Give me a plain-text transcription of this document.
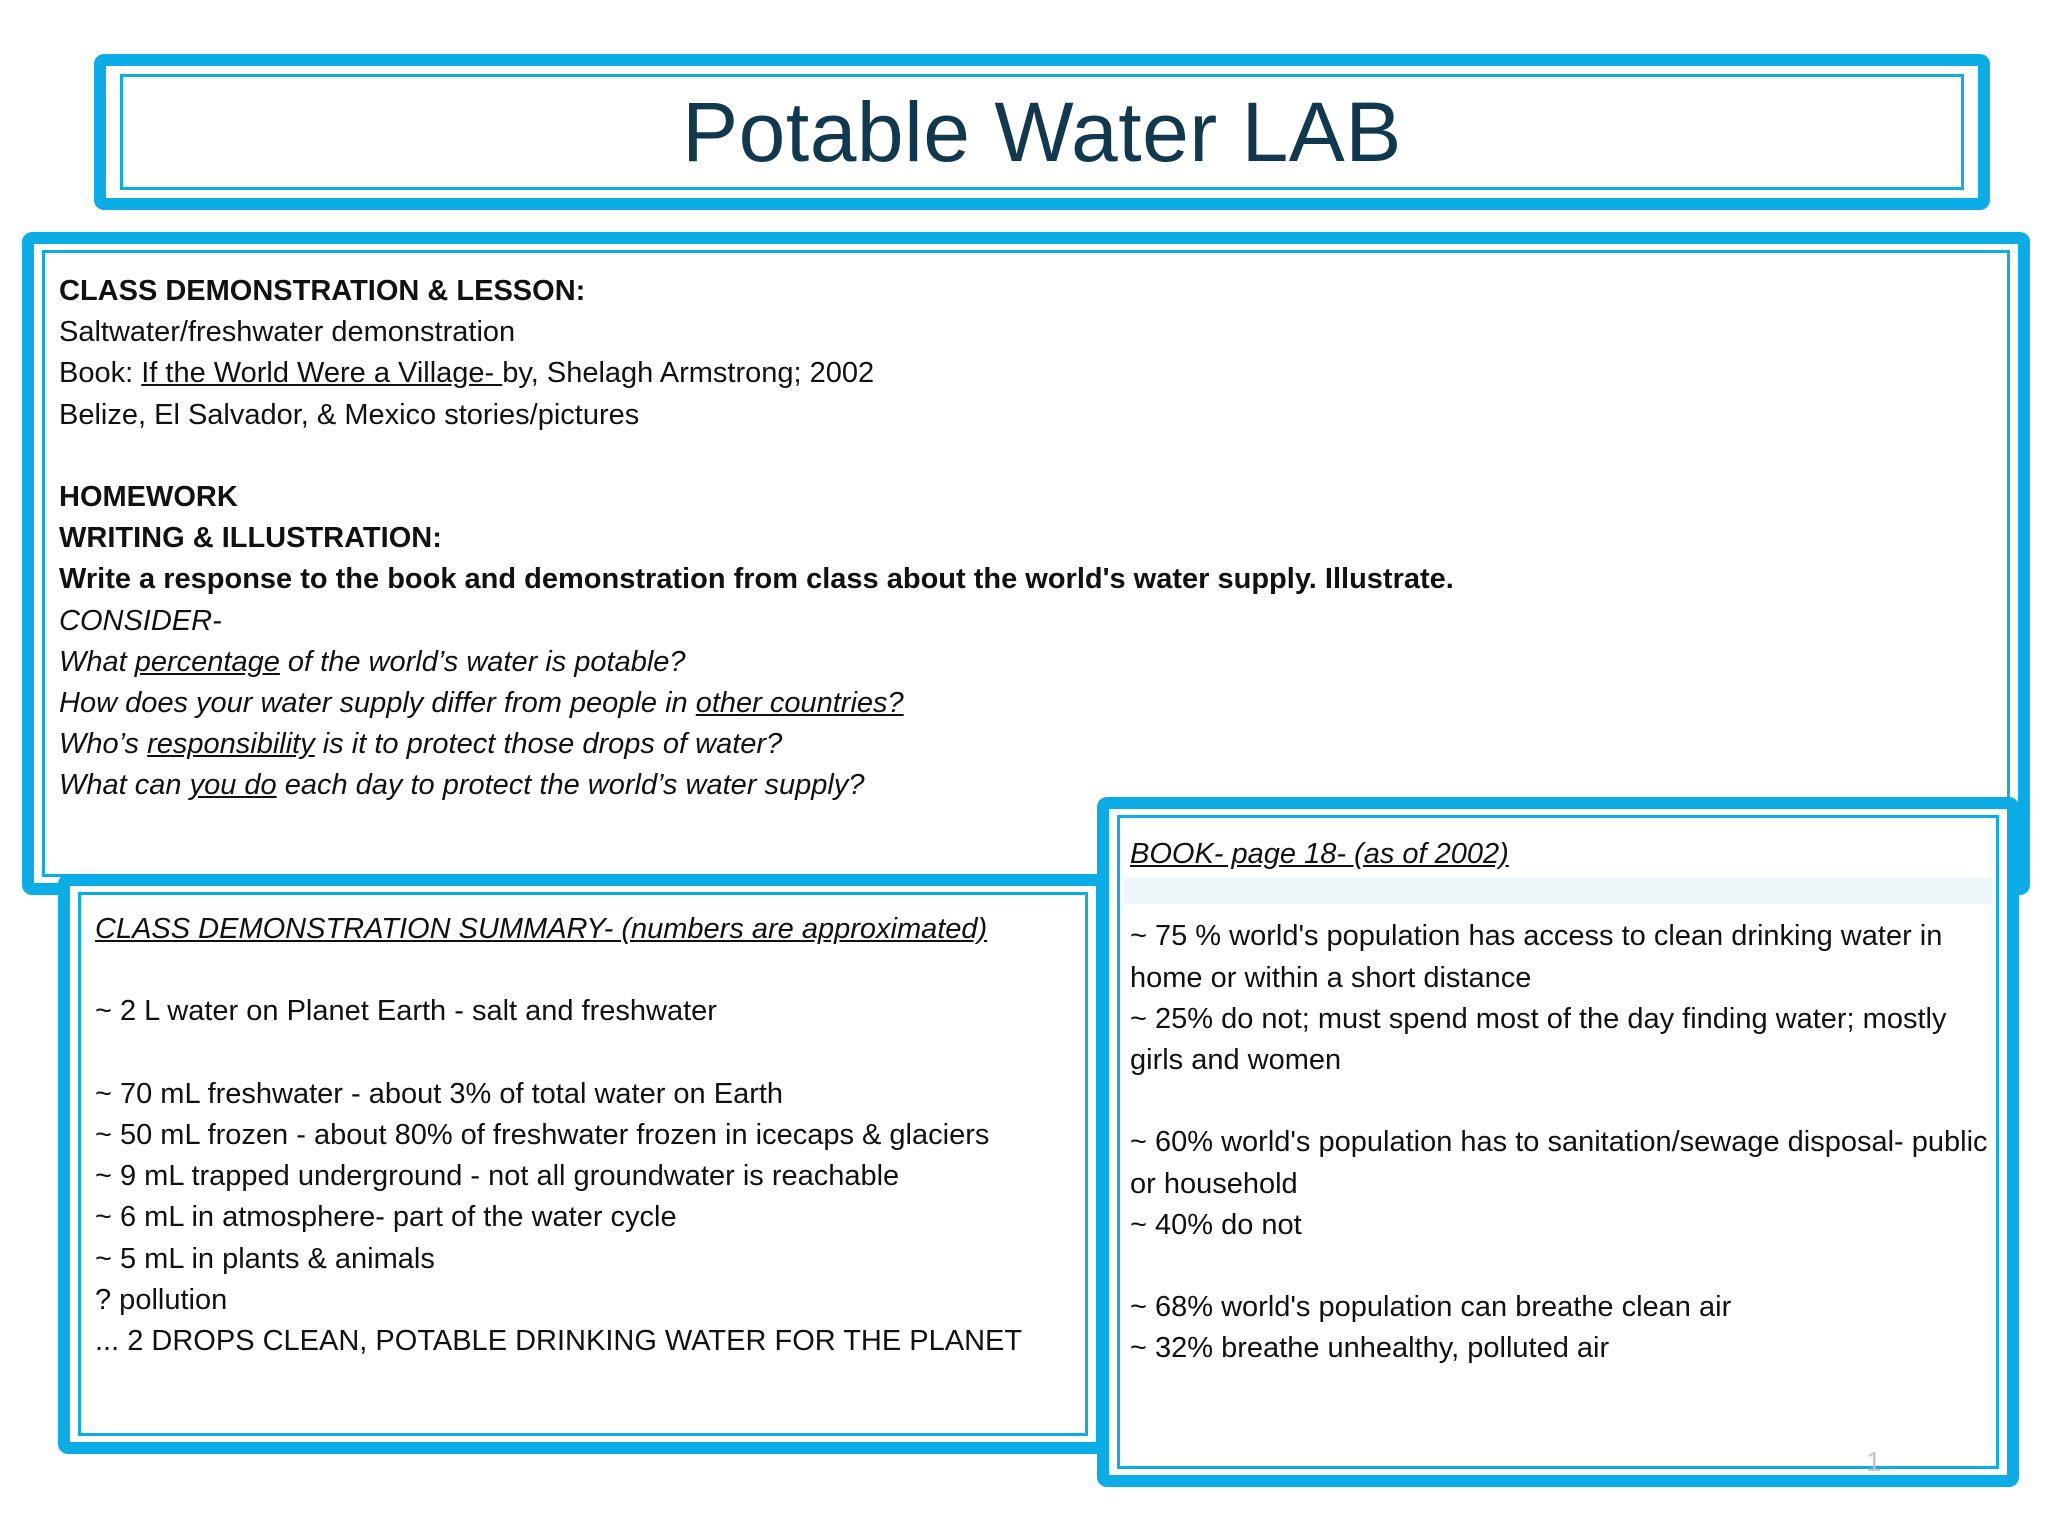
Potable Water LAB
CLASS DEMONSTRATION & LESSON:
Saltwater/freshwater demonstration
Book: If the World Were a Village- by, Shelagh Armstrong; 2002
Belize, El Salvador, & Mexico stories/pictures
HOMEWORK
WRITING & ILLUSTRATION:
Write a response to the book and demonstration from class about the world's water supply. Illustrate.
CONSIDER-
What percentage of the world’s water is potable?
How does your water supply differ from people in other countries?
Who’s responsibility is it to protect those drops of water?
What can you do each day to protect the world’s water supply?
CLASS DEMONSTRATION SUMMARY- (numbers are approximated)
~ 2 L water on Planet Earth - salt and freshwater
~ 70 mL freshwater - about 3% of total water on Earth
~ 50 mL frozen - about 80% of freshwater frozen in icecaps & glaciers
~ 9 mL trapped underground - not all groundwater is reachable
~ 6 mL in atmosphere- part of the water cycle
~ 5 mL in plants & animals
? pollution
... 2 DROPS CLEAN, POTABLE DRINKING WATER FOR THE PLANET
BOOK- page 18- (as of 2002)
~ 75 % world's population has access to clean drinking water in home or within a short distance
~ 25% do not; must spend most of the day finding water; mostly girls and women
~ 60% world's population has to sanitation/sewage disposal- public or household
~ 40% do not
~ 68% world's population can breathe clean air
~ 32% breathe unhealthy, polluted air
1
